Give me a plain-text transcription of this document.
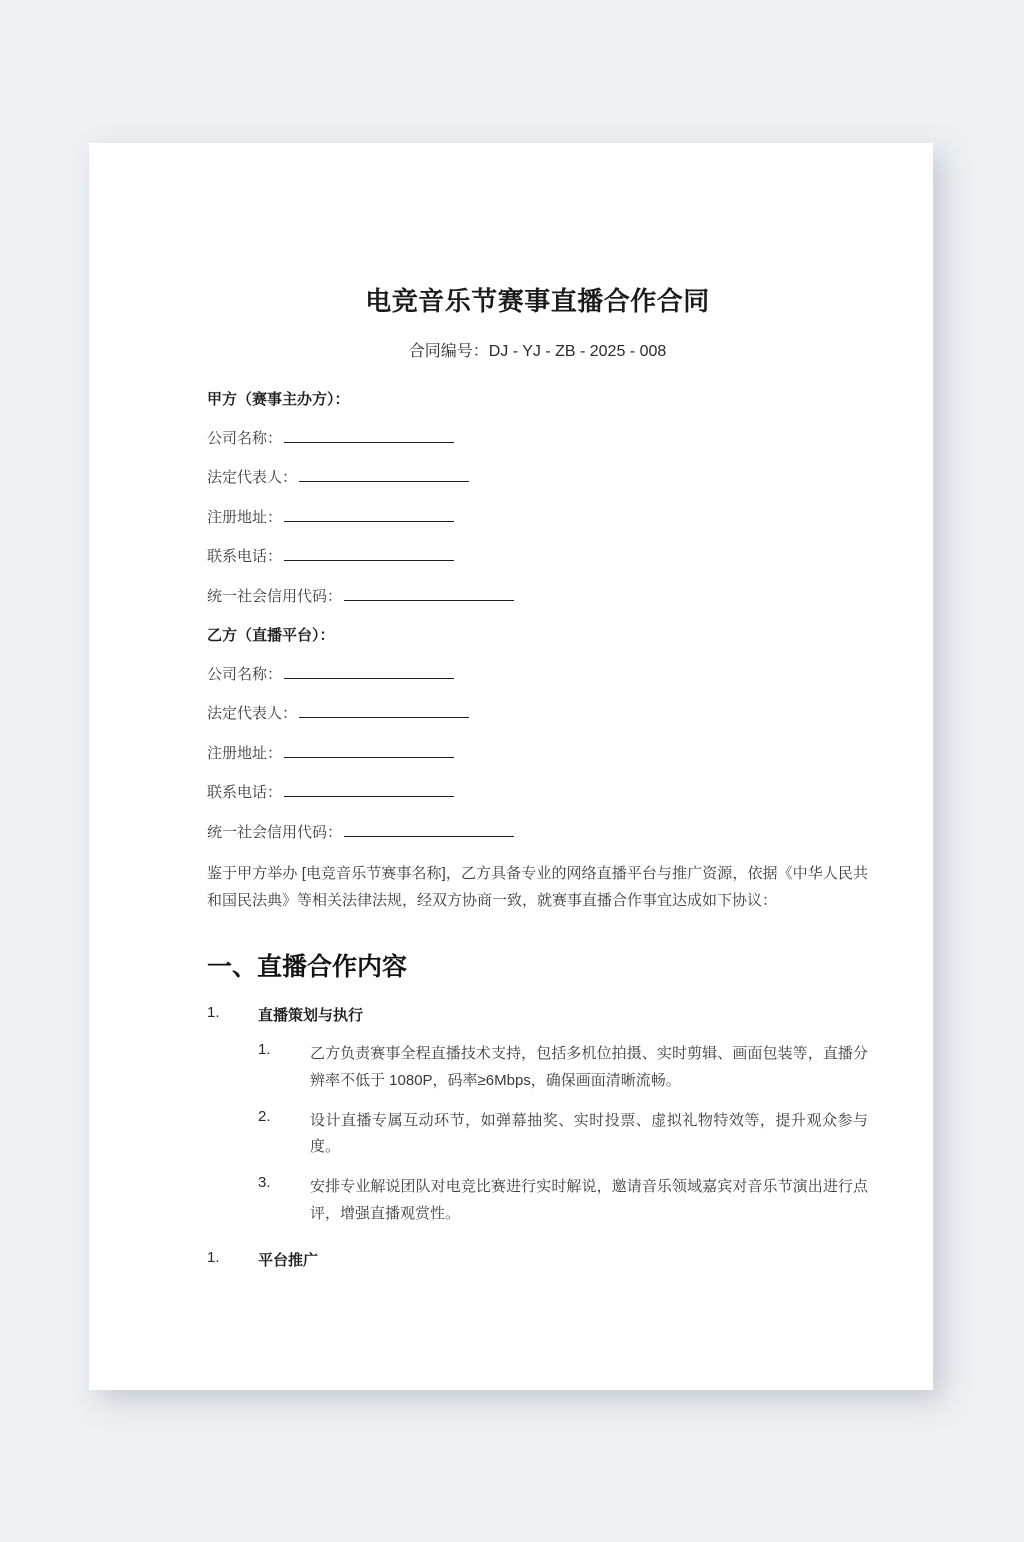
电竞音乐节赛事直播合作合同
合同编号：DJ - YJ - ZB - 2025 - 008
甲方（赛事主办方）：
公司名称：
法定代表人：
注册地址：
联系电话：
统一社会信用代码：
乙方（直播平台）：
公司名称：
法定代表人：
注册地址：
联系电话：
统一社会信用代码：

鉴于甲方举办 [电竞音乐节赛事名称]，乙方具备专业的网络直播平台与推广资源，依据《中华人民共和国民法典》等相关法律法规，经双方协商一致，就赛事直播合作事宜达成如下协议：

一、直播合作内容
1.	直播策划与执行
1.	乙方负责赛事全程直播技术支持，包括多机位拍摄、实时剪辑、画面包装等，直播分辨率不低于 1080P，码率≥6Mbps，确保画面清晰流畅。
2.	设计直播专属互动环节，如弹幕抽奖、实时投票、虚拟礼物特效等，提升观众参与度。
3.	安排专业解说团队对电竞比赛进行实时解说，邀请音乐领域嘉宾对音乐节演出进行点评，增强直播观赏性。
1.	平台推广
